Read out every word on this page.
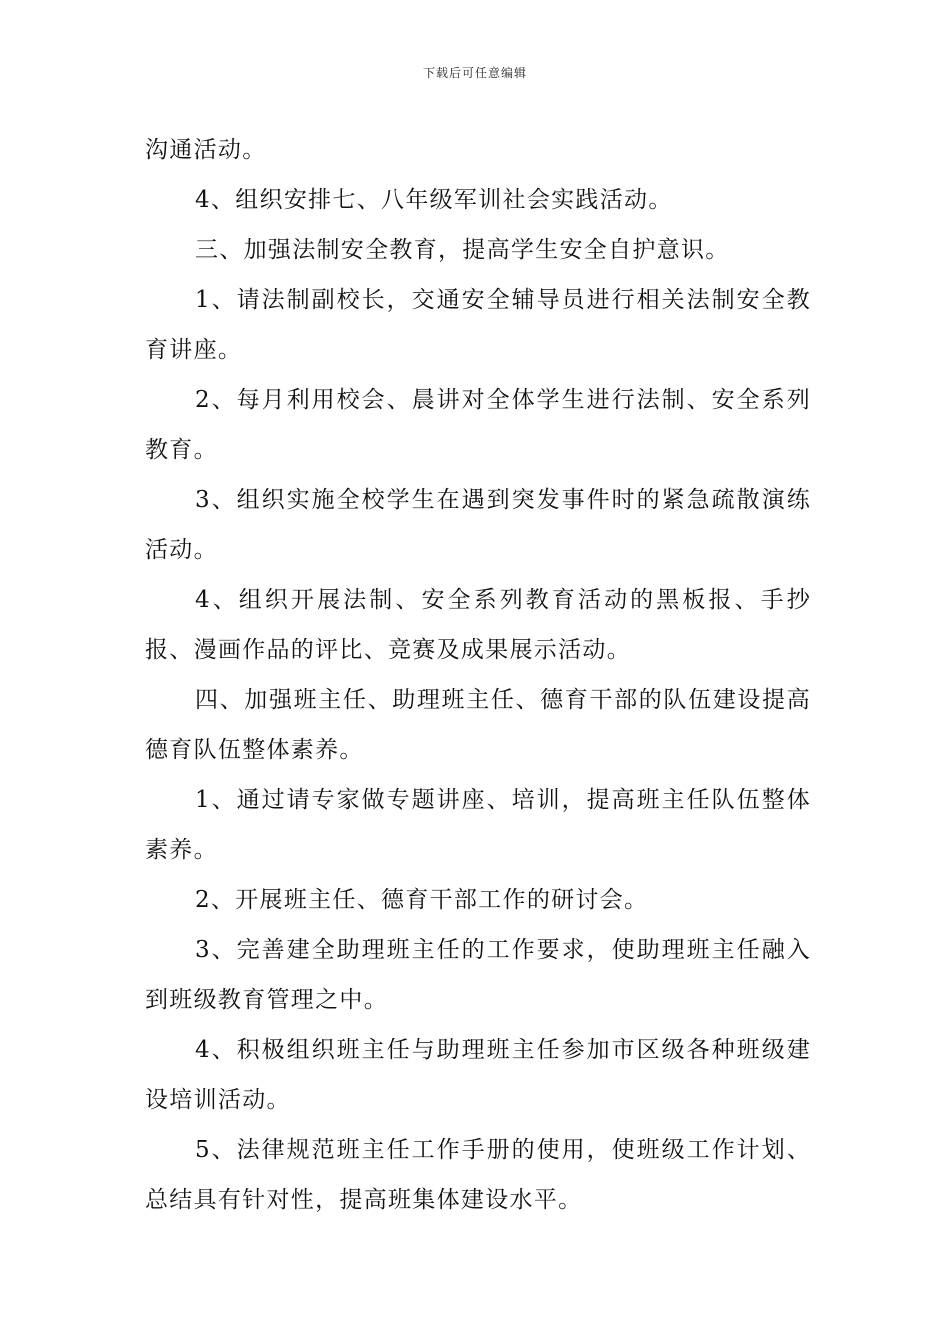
下载后可任意编辑

沟通活动。

4、组织安排七、八年级军训社会实践活动。

三、加强法制安全教育，提高学生安全自护意识。

1、请法制副校长，交通安全辅导员进行相关法制安全教育讲座。

2、每月利用校会、晨讲对全体学生进行法制、安全系列教育。

3、组织实施全校学生在遇到突发事件时的紧急疏散演练活动。

4、组织开展法制、安全系列教育活动的黑板报、手抄报、漫画作品的评比、竞赛及成果展示活动。

四、加强班主任、助理班主任、德育干部的队伍建设提高德育队伍整体素养。

1、通过请专家做专题讲座、培训，提高班主任队伍整体素养。

2、开展班主任、德育干部工作的研讨会。

3、完善建全助理班主任的工作要求，使助理班主任融入到班级教育管理之中。

4、积极组织班主任与助理班主任参加市区级各种班级建设培训活动。

5、法律规范班主任工作手册的使用，使班级工作计划、总结具有针对性，提高班集体建设水平。
